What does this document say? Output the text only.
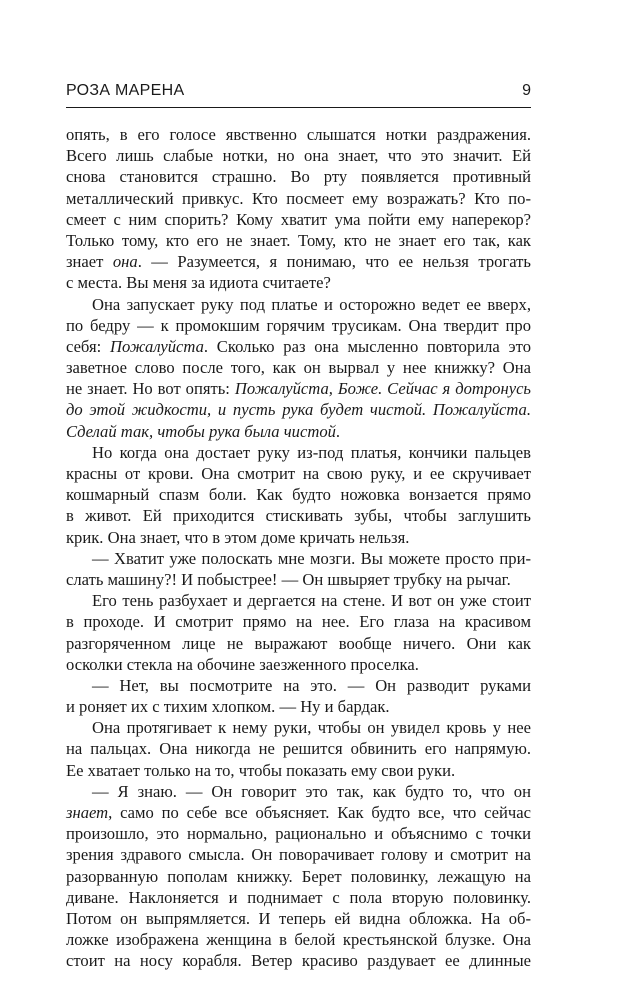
РОЗА МАРЕНА	9
опять, в его голосе явственно слышатся нотки раздражения.
Всего лишь слабые нотки, но она знает, что это значит. Ей
снова становится страшно. Во рту появляется противный
металлический привкус. Кто посмеет ему возражать? Кто по-
смеет с ним спорить? Кому хватит ума пойти ему наперекор?
Только тому, кто его не знает. Тому, кто не знает его так, как
знает она. — Разумеется, я понимаю, что ее нельзя трогать
с места. Вы меня за идиота считаете?
Она запускает руку под платье и осторожно ведет ее вверх,
по бедру — к промокшим горячим трусикам. Она твердит про
себя: Пожалуйста. Сколько раз она мысленно повторила это
заветное слово после того, как он вырвал у нее книжку? Она
не знает. Но вот опять: Пожалуйста, Боже. Сейчас я дотронусь
до этой жидкости, и пусть рука будет чистой. Пожалуйста.
Сделай так, чтобы рука была чистой.
Но когда она достает руку из-под платья, кончики пальцев
красны от крови. Она смотрит на свою руку, и ее скручивает
кошмарный спазм боли. Как будто ножовка вонзается прямо
в живот. Ей приходится стискивать зубы, чтобы заглушить
крик. Она знает, что в этом доме кричать нельзя.
— Хватит уже полоскать мне мозги. Вы можете просто при-
слать машину?! И побыстрее! — Он швыряет трубку на рычаг.
Его тень разбухает и дергается на стене. И вот он уже стоит
в проходе. И смотрит прямо на нее. Его глаза на красивом
разгоряченном лице не выражают вообще ничего. Они как
осколки стекла на обочине заезженного проселка.
— Нет, вы посмотрите на это. — Он разводит руками
и роняет их с тихим хлопком. — Ну и бардак.
Она протягивает к нему руки, чтобы он увидел кровь у нее
на пальцах. Она никогда не решится обвинить его напрямую.
Ее хватает только на то, чтобы показать ему свои руки.
— Я знаю. — Он говорит это так, как будто то, что он
знает, само по себе все объясняет. Как будто все, что сейчас
произошло, это нормально, рационально и объяснимо с точки
зрения здравого смысла. Он поворачивает голову и смотрит на
разорванную пополам книжку. Берет половинку, лежащую на
диване. Наклоняется и поднимает с пола вторую половинку.
Потом он выпрямляется. И теперь ей видна обложка. На об-
ложке изображена женщина в белой крестьянской блузке. Она
стоит на носу корабля. Ветер красиво раздувает ее длинные
